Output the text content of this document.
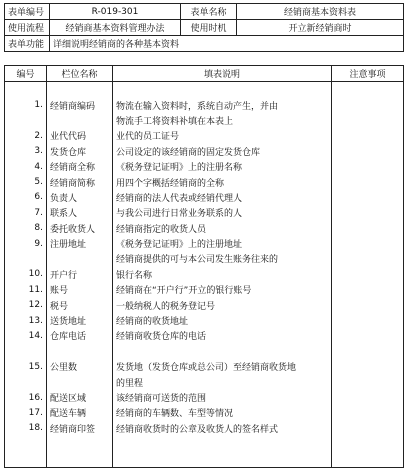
表单编号	R-019-301	表单名称	经销商基本资料表
使用流程	经销商基本资料管理办法	使用时机	开立新经销商时
表单功能	详细说明经销商的各种基本资料		
编号	栏位名称	填表说明	注意事项

1.	经销商编码	物流在输入资料时，系统自动产生，并由	
		物流手工将资料补填在本表上	
2.	业代代码	业代的员工证号	
3.	发货仓库	公司设定的该经销商的固定发货仓库	
4.	经销商全称	《税务登记证明》上的注册名称	
5.	经销商简称	用四个字概括经销商的全称	
6.	负责人	经销商的法人代表或经销代理人	
7.	联系人	与我公司进行日常业务联系的人	
8.	委托收货人	经销商指定的收货人员	
9.	注册地址	《税务登记证明》上的注册地址	
		经销商提供的可与本公司发生账务往来的	
10.	开户行	银行名称	
11.	账号	经销商在“开户行”开立的银行账号	
12.	税号	一般纳税人的税务登记号	
13.	送货地址	经销商的收货地址	
14.	仓库电话	经销商收货仓库的电话	

15.	公里数	发货地（发货仓库或总公司）至经销商收货地	
		的里程	
16.	配送区域	该经销商可送货的范围	
17.	配送车辆	经销商的车辆数、车型等情况	
18.	经销商印签	经销商收货时的公章及收货人的签名样式	
